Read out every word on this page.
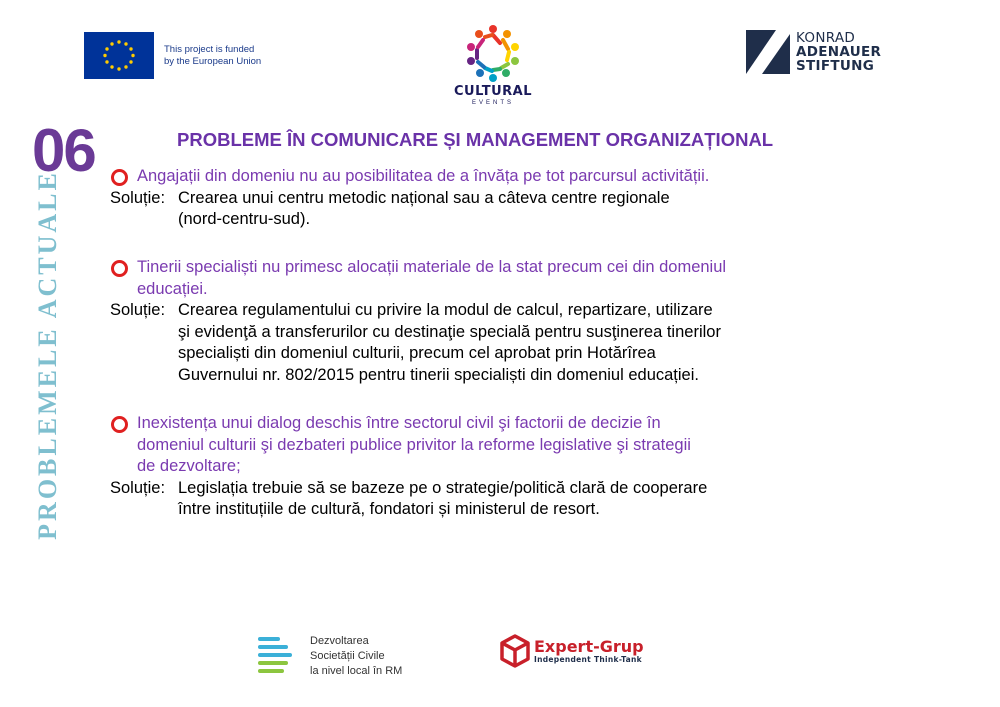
This project is funded
by the European Union
CULTURAL
EVENTS
KONRAD
ADENAUER
STIFTUNG
06
PROBLEMELE ACTUALE
PROBLEME ÎN COMUNICARE ȘI MANAGEMENT ORGANIZAȚIONAL
Angajații din domeniu nu au posibilitatea de a învăța pe tot parcursul activității.
Soluție: Crearea unui centru metodic național sau a câteva centre regionale
(nord-centru-sud).
Tinerii specialiști nu primesc alocații materiale de la stat precum cei din domeniul
educației.
Soluție: Crearea regulamentului cu privire la modul de calcul, repartizare, utilizare
şi evidenţă a transferurilor cu destinaţie specială pentru susţinerea tinerilor
specialiști din domeniul culturii, precum cel aprobat prin Hotărîrea
Guvernului nr. 802/2015 pentru tinerii specialiști din domeniul educației.
Inexistența unui dialog deschis între sectorul civil şi factorii de decizie în
domeniul culturii şi dezbateri publice privitor la reforme legislative şi strategii
de dezvoltare;
Soluție: Legislația trebuie să se bazeze pe o strategie/politică clară de cooperare
între instituțiile de cultură, fondatori și ministerul de resort.
Dezvoltarea
Societății Civile
la nivel local în RM
Expert-Grup
Independent Think-Tank
